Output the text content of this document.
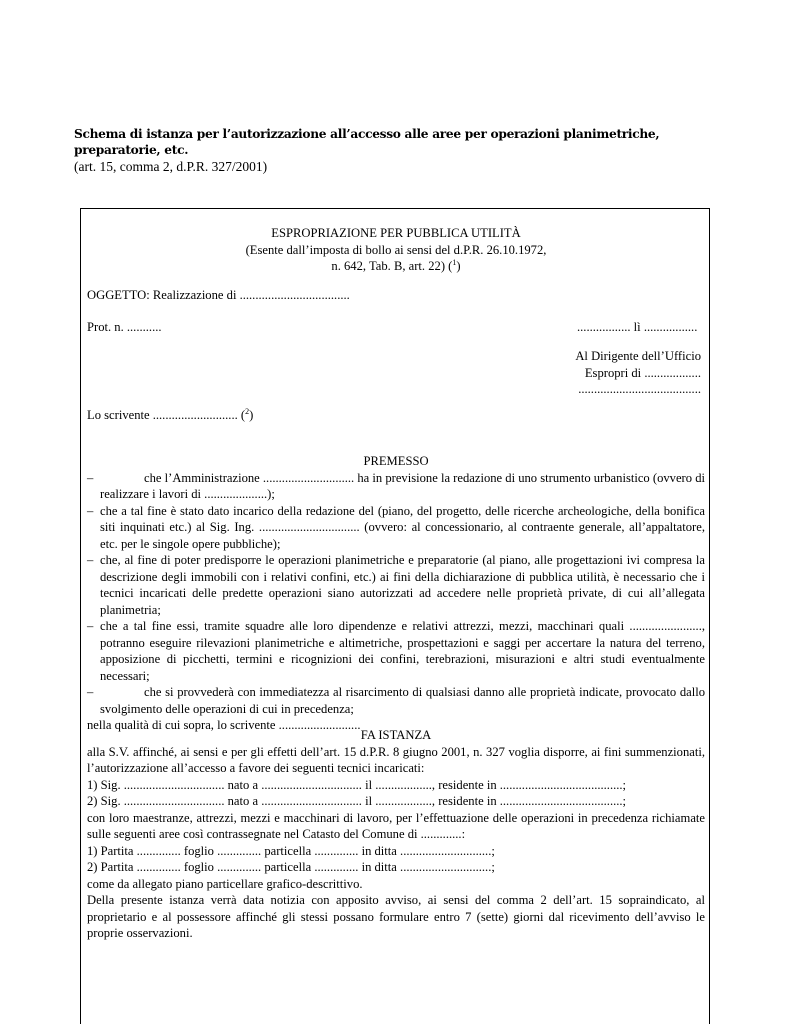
Schema di istanza per l’autorizzazione all’accesso alle aree per operazioni planimetriche, preparatorie, etc.
(art. 15, comma 2, d.P.R. 327/2001)
ESPROPRIAZIONE PER PUBBLICA UTILITÀ
(Esente dall’imposta di bollo ai sensi del d.P.R. 26.10.1972,
n. 642, Tab. B, art. 22) ($^1$)
OGGETTO: Realizzazione di ...................................
Prot. n. ...........	................. lì .................
Al Dirigente dell’Ufficio
Espropri di ..................
.......................................
Lo scrivente ........................... ($^2$)
PREMESSO
–	che l’Amministrazione ............................. ha in previsione la redazione di uno strumento urbanistico (ovvero di realizzare i lavori di ....................);
– che a tal fine è stato dato incarico della redazione del (piano, del progetto, delle ricerche archeologiche, della bonifica siti inquinati etc.) al Sig. Ing. ................................ (ovvero: al concessionario, al contraente generale, all’appaltatore, etc. per le singole opere pubbliche);
– che, al fine di poter predisporre le operazioni planimetriche e preparatorie (al piano, alle progettazioni ivi compresa la descrizione degli immobili con i relativi confini, etc.) ai fini della dichiarazione di pubblica utilità, è necessario che i tecnici incaricati delle predette operazioni siano autorizzati ad accedere nelle proprietà private, di cui all’allegata planimetria;
– che a tal fine essi, tramite squadre alle loro dipendenze e relativi attrezzi, mezzi, macchinari quali ......................., potranno eseguire rilevazioni planimetriche e altimetriche, prospettazioni e saggi per accertare la natura del terreno, apposizione di picchetti, termini e ricognizioni dei confini, terebrazioni, misurazioni e altri studi eventualmente necessari;
–	che si provvederà con immediatezza al risarcimento di qualsiasi danno alle proprietà indicate, provocato dallo svolgimento delle operazioni di cui in precedenza;
nella qualità di cui sopra, lo scrivente ..........................
FA ISTANZA
alla S.V. affinché, ai sensi e per gli effetti dell’art. 15 d.P.R. 8 giugno 2001, n. 327 voglia disporre, ai fini summenzionati, l’autorizzazione all’accesso a favore dei seguenti tecnici incaricati:
1) Sig. ................................ nato a ................................ il .................., residente in .......................................;
2) Sig. ................................ nato a ................................ il .................., residente in .......................................;
con loro maestranze, attrezzi, mezzi e macchinari di lavoro, per l’effettuazione delle operazioni in precedenza richiamate sulle seguenti aree così contrassegnate nel Catasto del Comune di .............:
1) Partita .............. foglio .............. particella .............. in ditta .............................;
2) Partita .............. foglio .............. particella .............. in ditta .............................;
come da allegato piano particellare grafico-descrittivo.
Della presente istanza verrà data notizia con apposito avviso, ai sensi del comma 2 dell’art. 15 sopraindicato, al proprietario e al possessore affinché gli stessi possano formulare entro 7 (sette) giorni dal ricevimento dell’avviso le proprie osservazioni.
